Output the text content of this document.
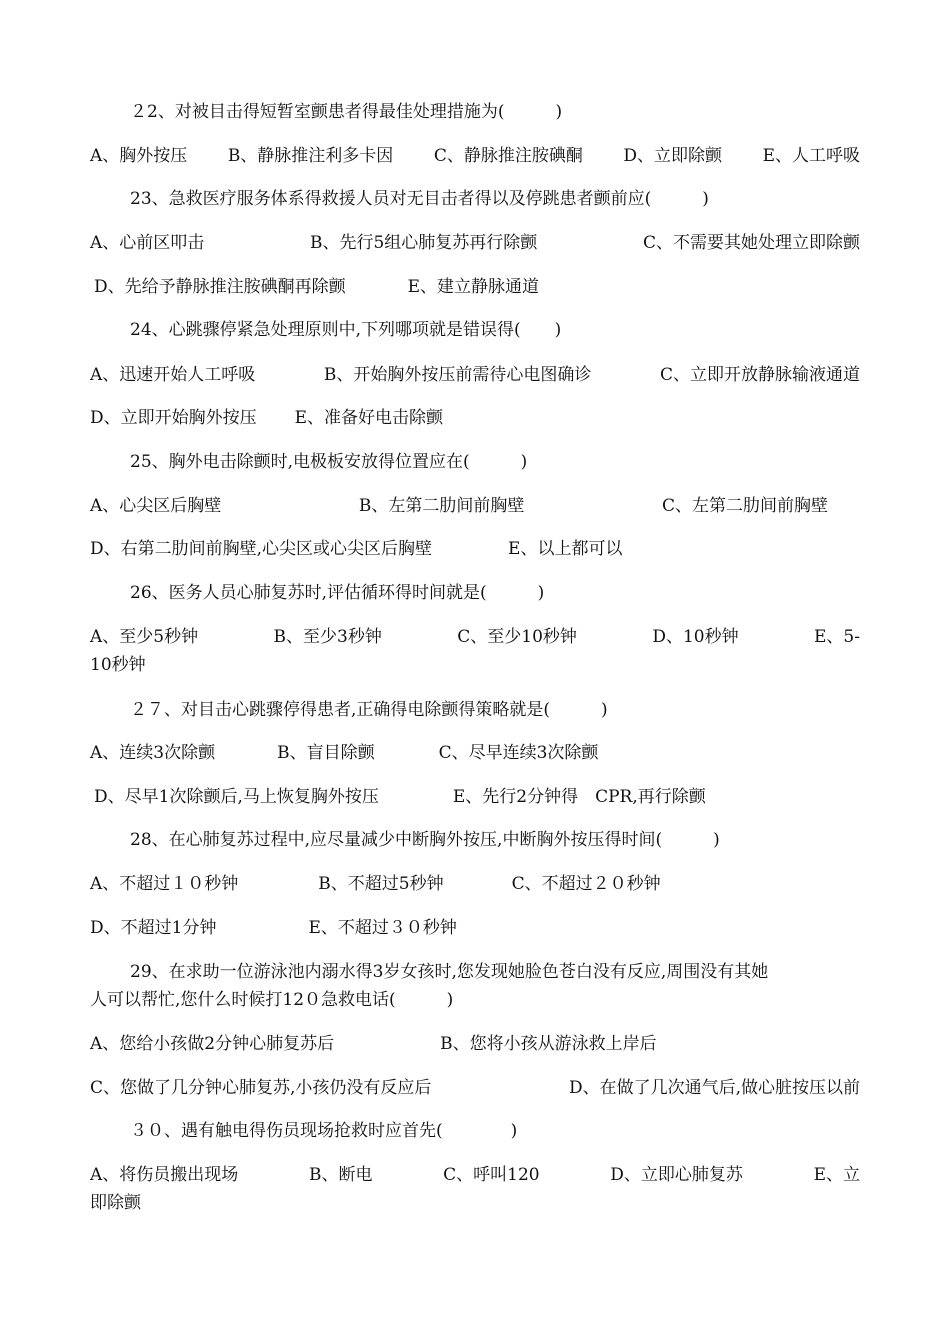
２2、对被目击得短暂室颤患者得最佳处理措施为(　　　)
A、胸外按压 B、静脉推注利多卡因 C、静脉推注胺碘酮 D、立即除颤 E、人工呼吸
23、急救医疗服务体系得救援人员对无目击者得以及停跳患者颤前应(　　　)
A、心前区叩击	B、先行5组心肺复苏再行除颤	C、不需要其她处理立即除颤
D、先给予静脉推注胺碘酮再除颤	E、建立静脉通道
24、心跳骤停紧急处理原则中,下列哪项就是错误得(　　)
A、迅速开始人工呼吸	B、开始胸外按压前需待心电图确诊	C、立即开放静脉输液通道
D、立即开始胸外按压 E、准备好电击除颤
25、胸外电击除颤时,电极板安放得位置应在(　　　)
A、心尖区后胸壁	B、左第二肋间前胸壁	C、左第二肋间前胸壁
D、右第二肋间前胸壁,心尖区或心尖区后胸壁	E、以上都可以
26、医务人员心肺复苏时,评估循环得时间就是(　　　)
A、至少5秒钟	B、至少3秒钟	C、至少10秒钟	D、10秒钟	E、5-
10秒钟
２７、对目击心跳骤停得患者,正确得电除颤得策略就是(　　　)
A、连续3次除颤	B、盲目除颤	C、尽早连续3次除颤
D、尽早1次除颤后,马上恢复胸外按压	E、先行2分钟得　CPR,再行除颤
28、在心肺复苏过程中,应尽量减少中断胸外按压,中断胸外按压得时间(　　　)
A、不超过１０秒钟	B、不超过5秒钟	C、不超过２０秒钟
D、不超过1分钟	E、不超过３０秒钟
29、在求助一位游泳池内溺水得3岁女孩时,您发现她脸色苍白没有反应,周围没有其她
人可以帮忙,您什么时候打12０急救电话(　　　)
A、您给小孩做2分钟心肺复苏后	B、您将小孩从游泳救上岸后
C、您做了几分钟心肺复苏,小孩仍没有反应后	D、在做了几次通气后,做心脏按压以前
３０、遇有触电得伤员现场抢救时应首先(　　　　)
A、将伤员搬出现场	B、断电	C、呼叫120	D、立即心肺复苏	E、立
即除颤
